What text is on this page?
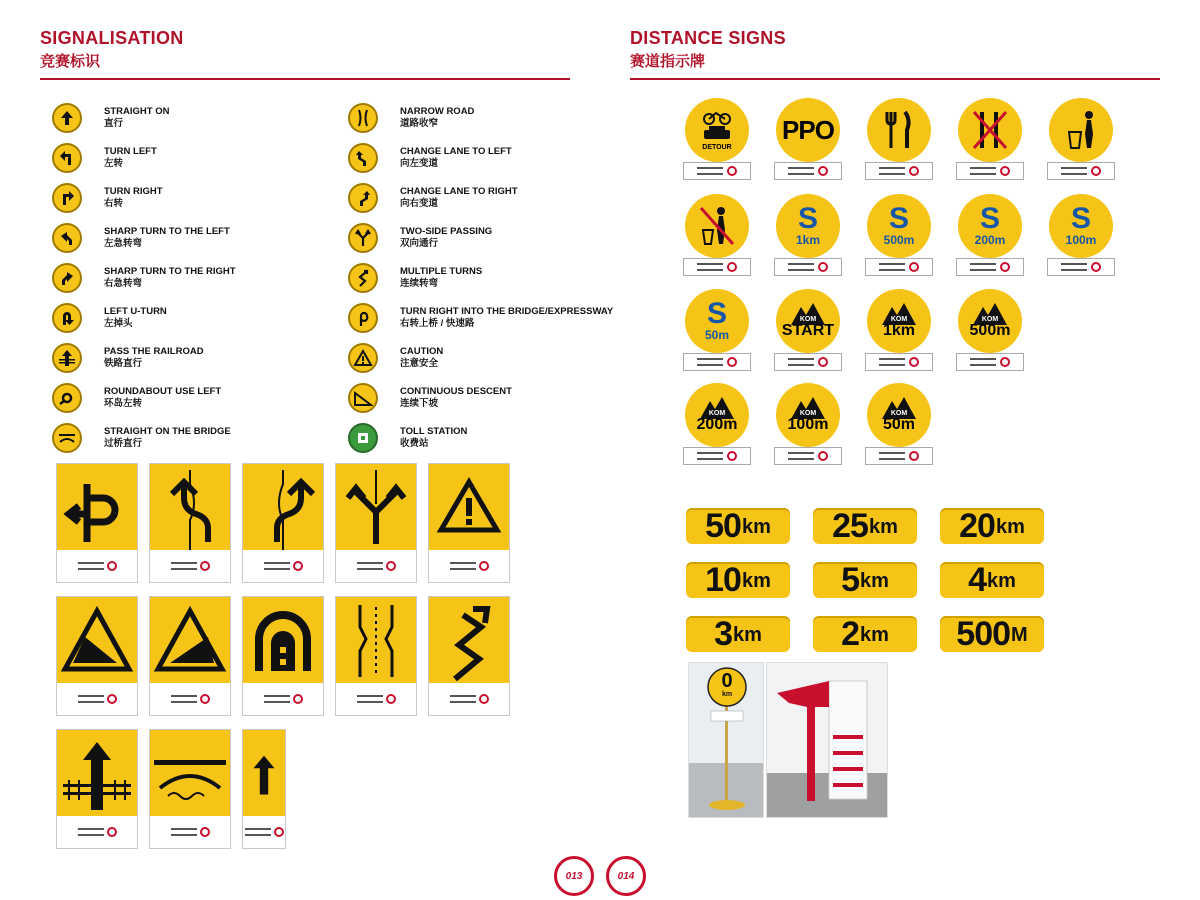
SIGNALISATION
竞赛标识
DISTANCE SIGNS
赛道指示牌
STRAIGHT ON
直行
TURN LEFT
左转
TURN RIGHT
右转
SHARP TURN TO THE LEFT
左急转弯
SHARP TURN TO THE RIGHT
右急转弯
LEFT U-TURN
左掉头
PASS THE RAILROAD
铁路直行
ROUNDABOUT USE LEFT
环岛左转
STRAIGHT ON THE BRIDGE
过桥直行
NARROW ROAD
道路收窄
CHANGE LANE TO LEFT
向左变道
CHANGE LANE TO RIGHT
向右变道
TWO-SIDE PASSING
双向通行
MULTIPLE TURNS
连续转弯
TURN RIGHT INTO THE BRIDGE/EXPRESSWAY
右转上桥 / 快速路
CAUTION
注意安全
CONTINUOUS DESCENT
连续下坡
TOLL STATION
收费站
DETOUR
PPO
S
1km
S
500m
S
200m
S
100m
S
50m
KOM
START
KOM
1km
KOM
500m
KOM
200m
KOM
100m
KOM
50m
50 km 25 km 20 km
10 km 5 km 4 km
3 km 2 km 500 M
0
km
013	014
